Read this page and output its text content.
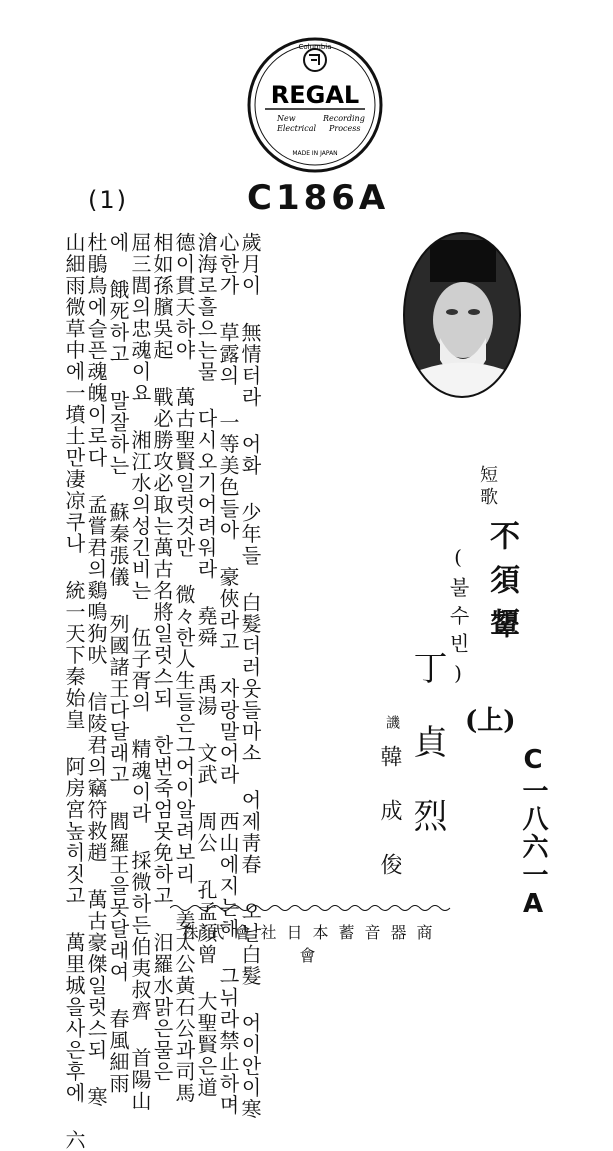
Columbia
REGAL
New	Recording
Electrical Process
MADE IN JAPAN
(1)	C186A
歲月이 無情터라 어화 少年들 白髮더러웃들마소 어제靑春 오날白髮 어이안이寒
心한가 草露의 一等美色들아 豪俠라고 자랑말어라 西山에지는해 그뉘라禁止하며
滄海로흘으는물 다시오기어려워라 堯舜 禹湯 文武 周公 孔孟顏曾 大聖賢은道
德이貫天하야 萬古聖賢일럿것만 微々한人生들은그어이알려보리 姜太公黃石公과司馬
相如孫臏吳起 戰必勝攻必取는萬古名將일럿스되 한번죽엄못免하고 汨羅水맑은물은
屈三閭의忠魂이요 湘江水의성긴비는 伍子胥의 精魂이라 採微하든伯夷叔齊 首陽山
에 餓死하고 말잘하는 蘇秦張儀 列國諸王다달래고 閻羅王을못달래여 春風細雨
杜鵑鳥에슬픈魂魄이로다 孟嘗君의鷄鳴狗吠 信陵君의竊符救趙 萬古豪傑일럿스되 寒
山細雨微草中에一墳土만凄凉쿠나 統一天下秦始皇 阿房宮높히짓고 萬里城을사은후에 六	短歌
不須顰
(上)
(불수빈)
丁貞烈
譏
韓成俊	C一八六一A
株式會社日本蓄音器商會
